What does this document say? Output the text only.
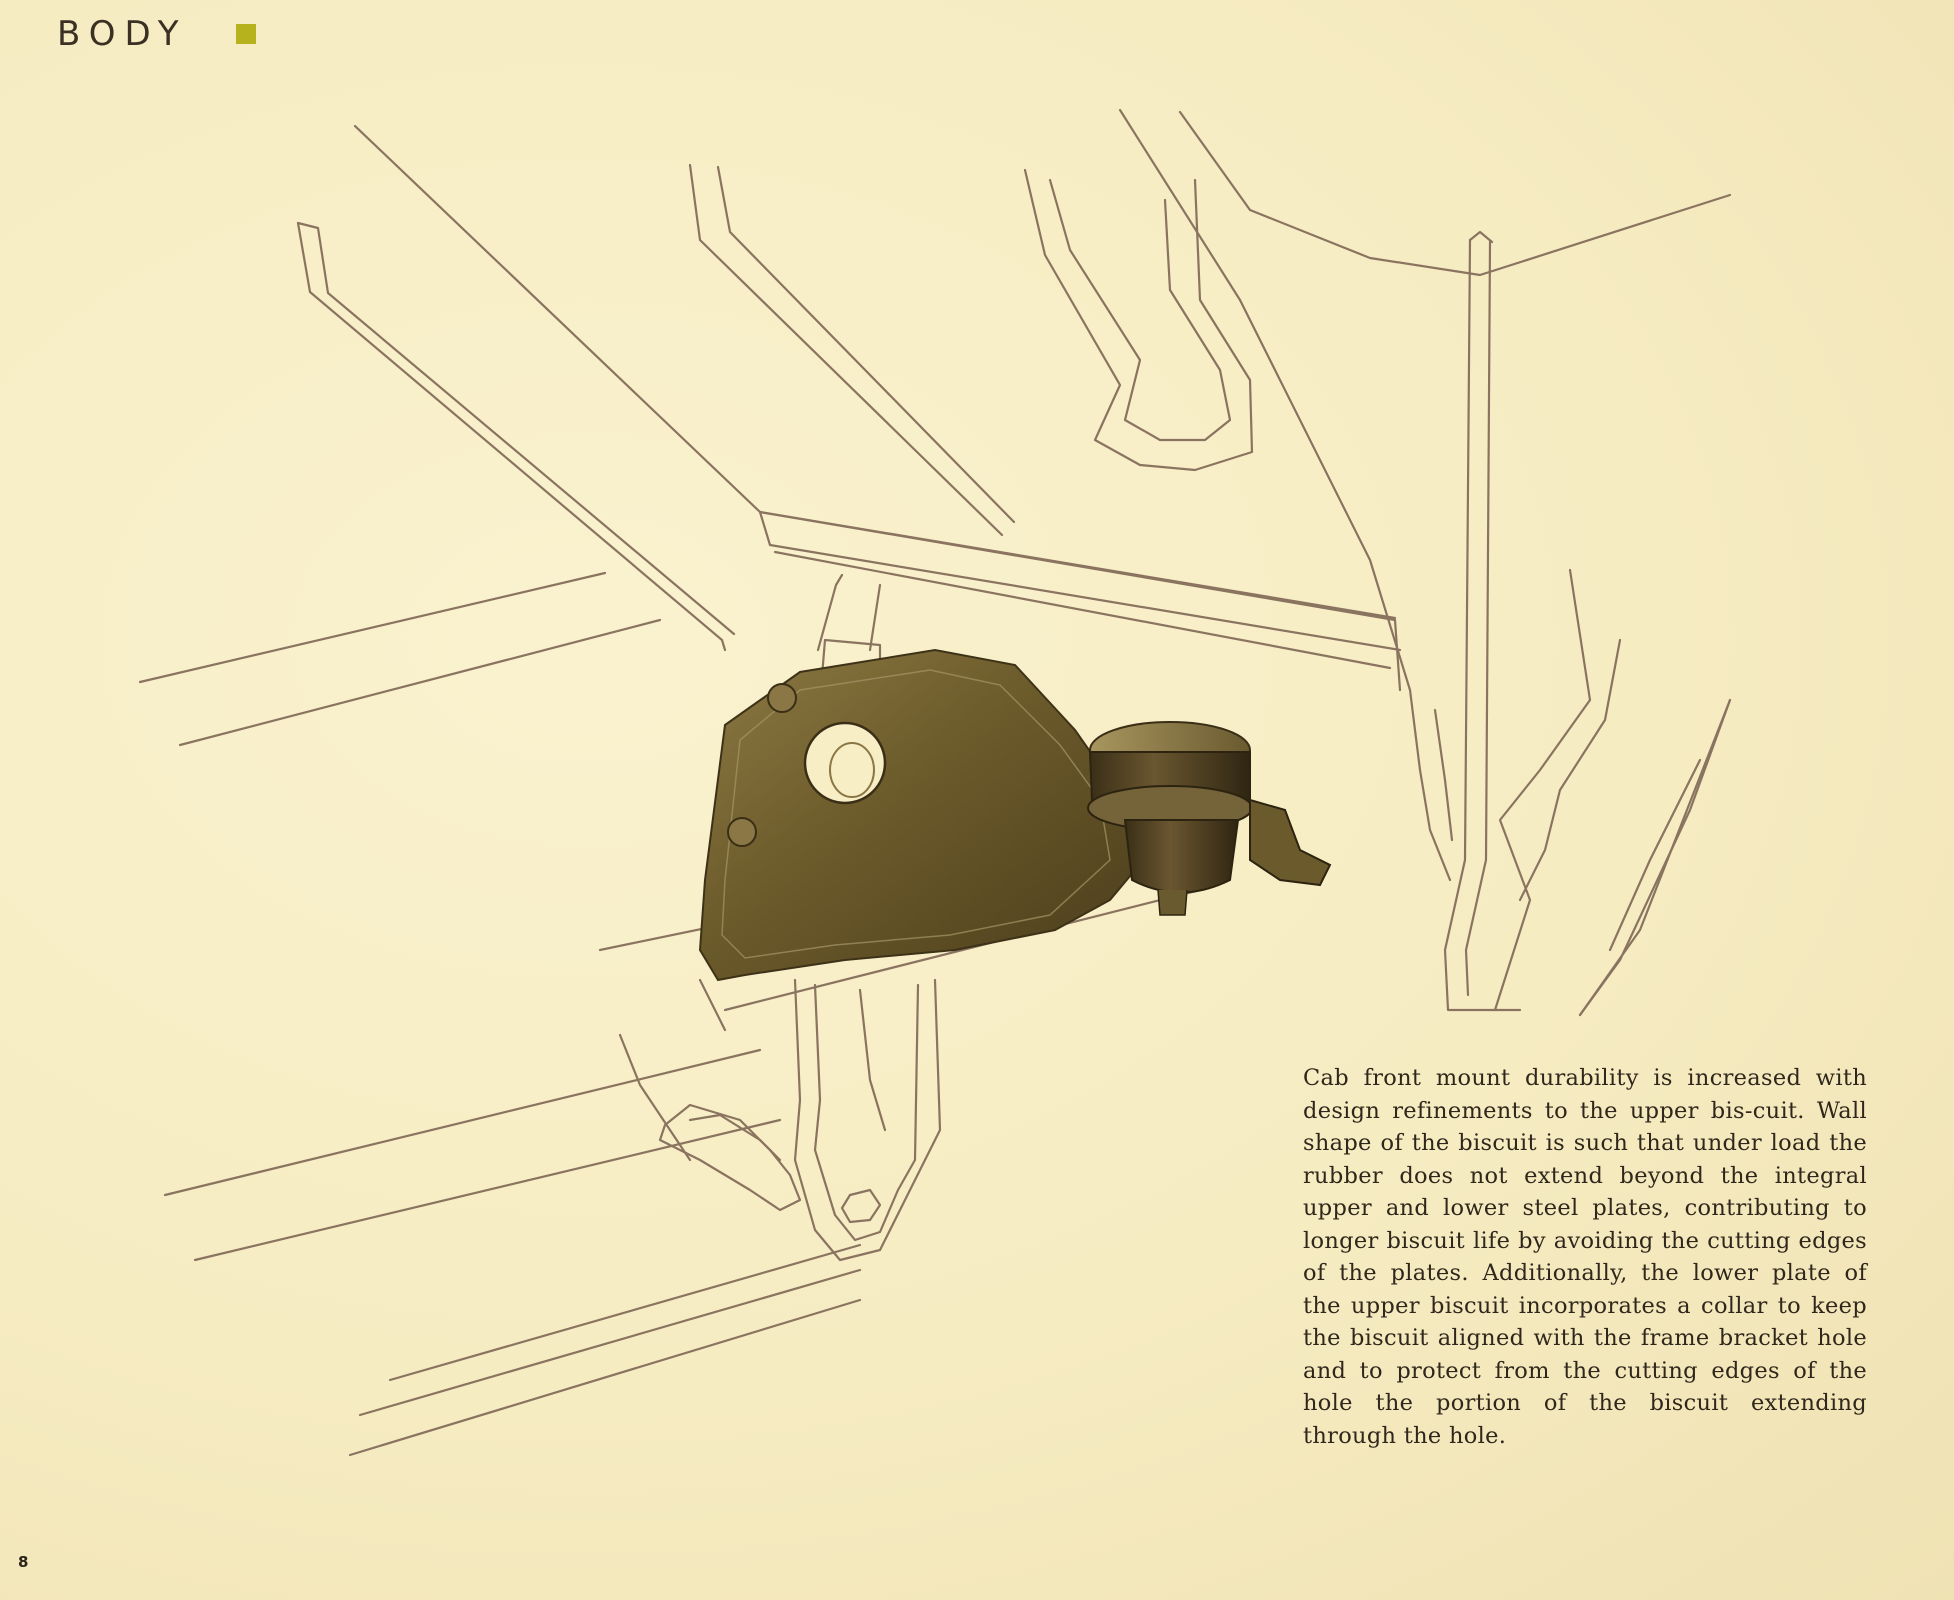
BODY

Cab front mount durability is increased with design refinements to the upper bis-cuit. Wall shape of the biscuit is such that under load the rubber does not extend beyond the integral upper and lower steel plates, contributing to longer biscuit life by avoiding the cutting edges of the plates. Additionally, the lower plate of the upper biscuit incorporates a collar to keep the biscuit aligned with the frame bracket hole and to protect from the cutting edges of the hole the portion of the biscuit extending through the hole.

8
